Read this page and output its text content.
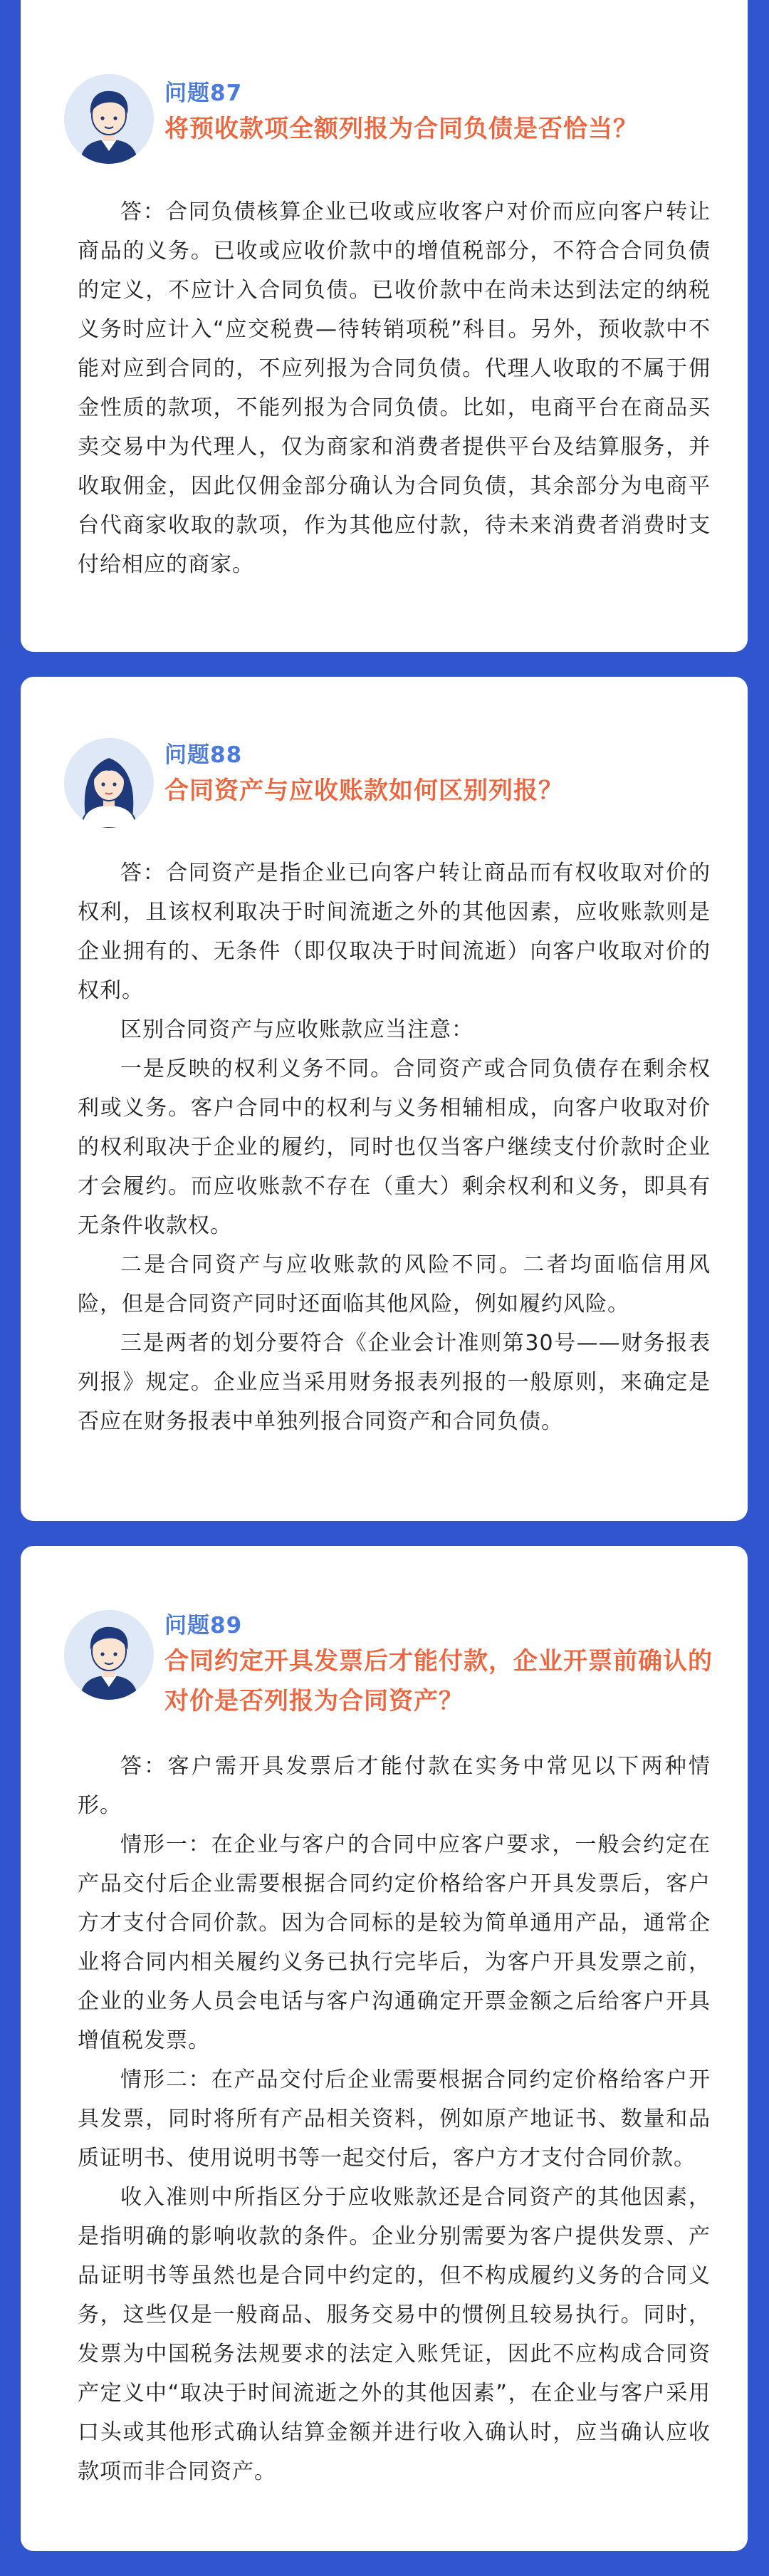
问题87
将预收款项全额列报为合同负债是否恰当？

答：合同负债核算企业已收或应收客户对价而应向客户转让商品的义务。已收或应收价款中的增值税部分，不符合合同负债的定义，不应计入合同负债。已收价款中在尚未达到法定的纳税义务时应计入“应交税费—待转销项税”科目。另外，预收款中不能对应到合同的，不应列报为合同负债。代理人收取的不属于佣金性质的款项，不能列报为合同负债。比如，电商平台在商品买卖交易中为代理人，仅为商家和消费者提供平台及结算服务，并收取佣金，因此仅佣金部分确认为合同负债，其余部分为电商平台代商家收取的款项，作为其他应付款，待未来消费者消费时支付给相应的商家。

问题88
合同资产与应收账款如何区别列报？

答：合同资产是指企业已向客户转让商品而有权收取对价的权利，且该权利取决于时间流逝之外的其他因素，应收账款则是企业拥有的、无条件（即仅取决于时间流逝）向客户收取对价的权利。

区别合同资产与应收账款应当注意：

一是反映的权利义务不同。合同资产或合同负债存在剩余权利或义务。客户合同中的权利与义务相辅相成，向客户收取对价的权利取决于企业的履约，同时也仅当客户继续支付价款时企业才会履约。而应收账款不存在（重大）剩余权利和义务，即具有无条件收款权。

二是合同资产与应收账款的风险不同。二者均面临信用风险，但是合同资产同时还面临其他风险，例如履约风险。

三是两者的划分要符合《企业会计准则第30号——财务报表列报》规定。企业应当采用财务报表列报的一般原则，来确定是否应在财务报表中单独列报合同资产和合同负债。

问题89
合同约定开具发票后才能付款，企业开票前确认的对价是否列报为合同资产？

答：客户需开具发票后才能付款在实务中常见以下两种情形。

情形一：在企业与客户的合同中应客户要求，一般会约定在产品交付后企业需要根据合同约定价格给客户开具发票后，客户方才支付合同价款。因为合同标的是较为简单通用产品，通常企业将合同内相关履约义务已执行完毕后，为客户开具发票之前，企业的业务人员会电话与客户沟通确定开票金额之后给客户开具增值税发票。

情形二：在产品交付后企业需要根据合同约定价格给客户开具发票，同时将所有产品相关资料，例如原产地证书、数量和品质证明书、使用说明书等一起交付后，客户方才支付合同价款。

收入准则中所指区分于应收账款还是合同资产的其他因素，是指明确的影响收款的条件。企业分别需要为客户提供发票、产品证明书等虽然也是合同中约定的，但不构成履约义务的合同义务，这些仅是一般商品、服务交易中的惯例且较易执行。同时，发票为中国税务法规要求的法定入账凭证，因此不应构成合同资产定义中“取决于时间流逝之外的其他因素”，在企业与客户采用口头或其他形式确认结算金额并进行收入确认时，应当确认应收款项而非合同资产。
